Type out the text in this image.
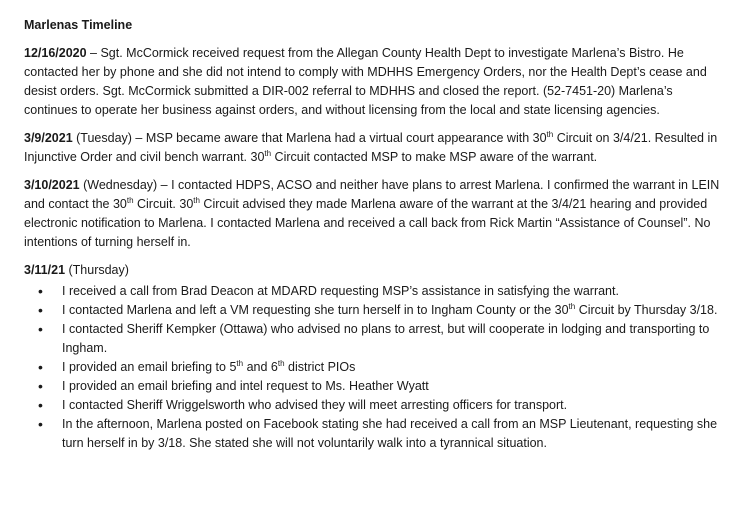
Marlenas Timeline
12/16/2020 – Sgt. McCormick received request from the Allegan County Health Dept to investigate Marlena’s Bistro. He contacted her by phone and she did not intend to comply with MDHHS Emergency Orders, nor the Health Dept’s cease and desist orders. Sgt. McCormick submitted a DIR-002 referral to MDHHS and closed the report. (52-7451-20) Marlena’s continues to operate her business against orders, and without licensing from the local and state licensing agencies.
3/9/2021 (Tuesday) – MSP became aware that Marlena had a virtual court appearance with 30th Circuit on 3/4/21. Resulted in Injunctive Order and civil bench warrant. 30th Circuit contacted MSP to make MSP aware of the warrant.
3/10/2021 (Wednesday) – I contacted HDPS, ACSO and neither have plans to arrest Marlena. I confirmed the warrant in LEIN and contact the 30th Circuit. 30th Circuit advised they made Marlena aware of the warrant at the 3/4/21 hearing and provided electronic notification to Marlena. I contacted Marlena and received a call back from Rick Martin “Assistance of Counsel”. No intentions of turning herself in.
3/11/21 (Thursday)
• I received a call from Brad Deacon at MDARD requesting MSP’s assistance in satisfying the warrant.
• I contacted Marlena and left a VM requesting she turn herself in to Ingham County or the 30th Circuit by Thursday 3/18.
• I contacted Sheriff Kempker (Ottawa) who advised no plans to arrest, but will cooperate in lodging and transporting to Ingham.
• I provided an email briefing to 5th and 6th district PIOs
• I provided an email briefing and intel request to Ms. Heather Wyatt
• I contacted Sheriff Wriggelsworth who advised they will meet arresting officers for transport.
• In the afternoon, Marlena posted on Facebook stating she had received a call from an MSP Lieutenant, requesting she turn herself in by 3/18. She stated she will not voluntarily walk into a tyrannical situation.
